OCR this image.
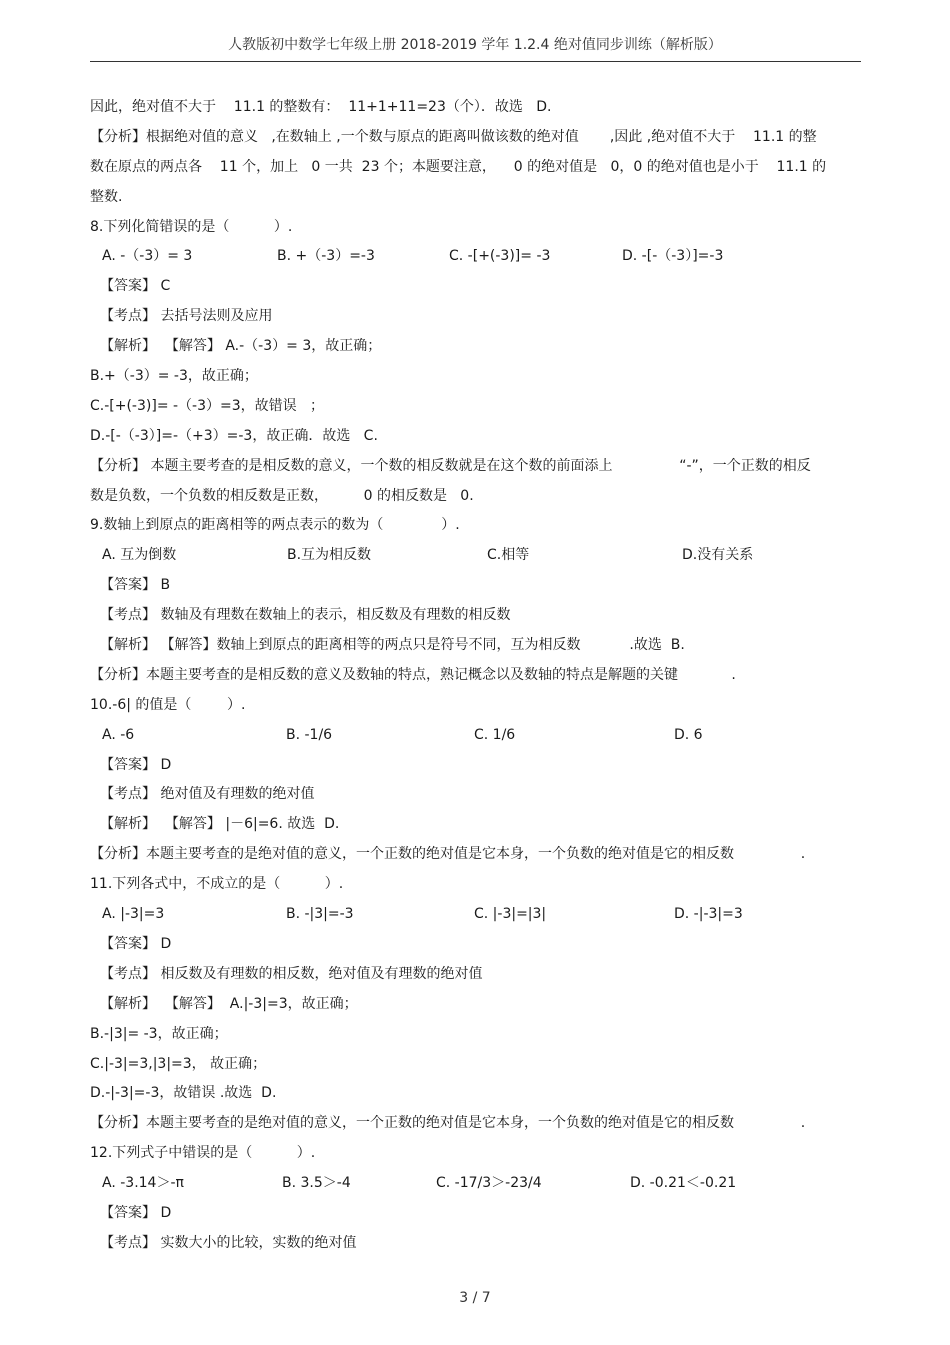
人教版初中数学七年级上册 2018-2019 学年 1.2.4 绝对值同步训练（解析版）
因此，绝对值不大于    11.1 的整数有：  11+1+11=23（个）．故选   D.
【分析】根据绝对值的意义   ,在数轴上 ,一个数与原点的距离叫做该数的绝对值       ,因此 ,绝对值不大于    11.1 的整
数在原点的两点各    11 个，加上   0 一共  23 个；本题要注意，    0 的绝对值是   0，0 的绝对值也是小于    11.1 的
整数.
8.下列化简错误的是（          ）.
A. -（-3）= 3	B. +（-3）=-3	C. -[+(-3)]= -3	D. -[-（-3）]=-3
【答案】 C
【考点】 去括号法则及应用
【解析】  【解答】 A.-（-3）= 3，故正确；
B.+（-3）= -3，故正确；
C.-[+(-3)]= -（-3）=3，故错误   ；
D.-[-（-3）]=-（+3）=-3，故正确．故选   C.
【分析】 本题主要考查的是相反数的意义，一个数的相反数就是在这个数的前面添上               “-”，一个正数的相反
数是负数，一个负数的相反数是正数，        0 的相反数是   0.
9.数轴上到原点的距离相等的两点表示的数为（             ）.
A. 互为倒数	B.互为相反数	C.相等	D.没有关系
【答案】 B
【考点】 数轴及有理数在数轴上的表示，相反数及有理数的相反数
【解析】 【解答】数轴上到原点的距离相等的两点只是符号不同，互为相反数           .故选  B.
【分析】本题主要考查的是相反数的意义及数轴的特点，熟记概念以及数轴的特点是解题的关键            .
10.-6| 的值是（        ）.
A. -6	B. -1/6	C. 1/6	D. 6
【答案】 D
【考点】 绝对值及有理数的绝对值
【解析】  【解答】 |－6|=6. 故选  D.
【分析】本题主要考查的是绝对值的意义，一个正数的绝对值是它本身，一个负数的绝对值是它的相反数               .
11.下列各式中，不成立的是（          ）.
A. |-3|=3	B. -|3|=-3	C. |-3|=|3|	D. -|-3|=3
【答案】 D
【考点】 相反数及有理数的相反数，绝对值及有理数的绝对值
【解析】  【解答】  A.|-3|=3，故正确；
B.-|3|= -3，故正确；
C.|-3|=3,|3|=3， 故正确；
D.-|-3|=-3，故错误 .故选  D.
【分析】本题主要考查的是绝对值的意义，一个正数的绝对值是它本身，一个负数的绝对值是它的相反数               .
12.下列式子中错误的是（          ）.
A. -3.14＞-π	B. 3.5＞-4	C. -17/3＞-23/4	D. -0.21＜-0.21
【答案】 D
【考点】 实数大小的比较，实数的绝对值
3 / 7
